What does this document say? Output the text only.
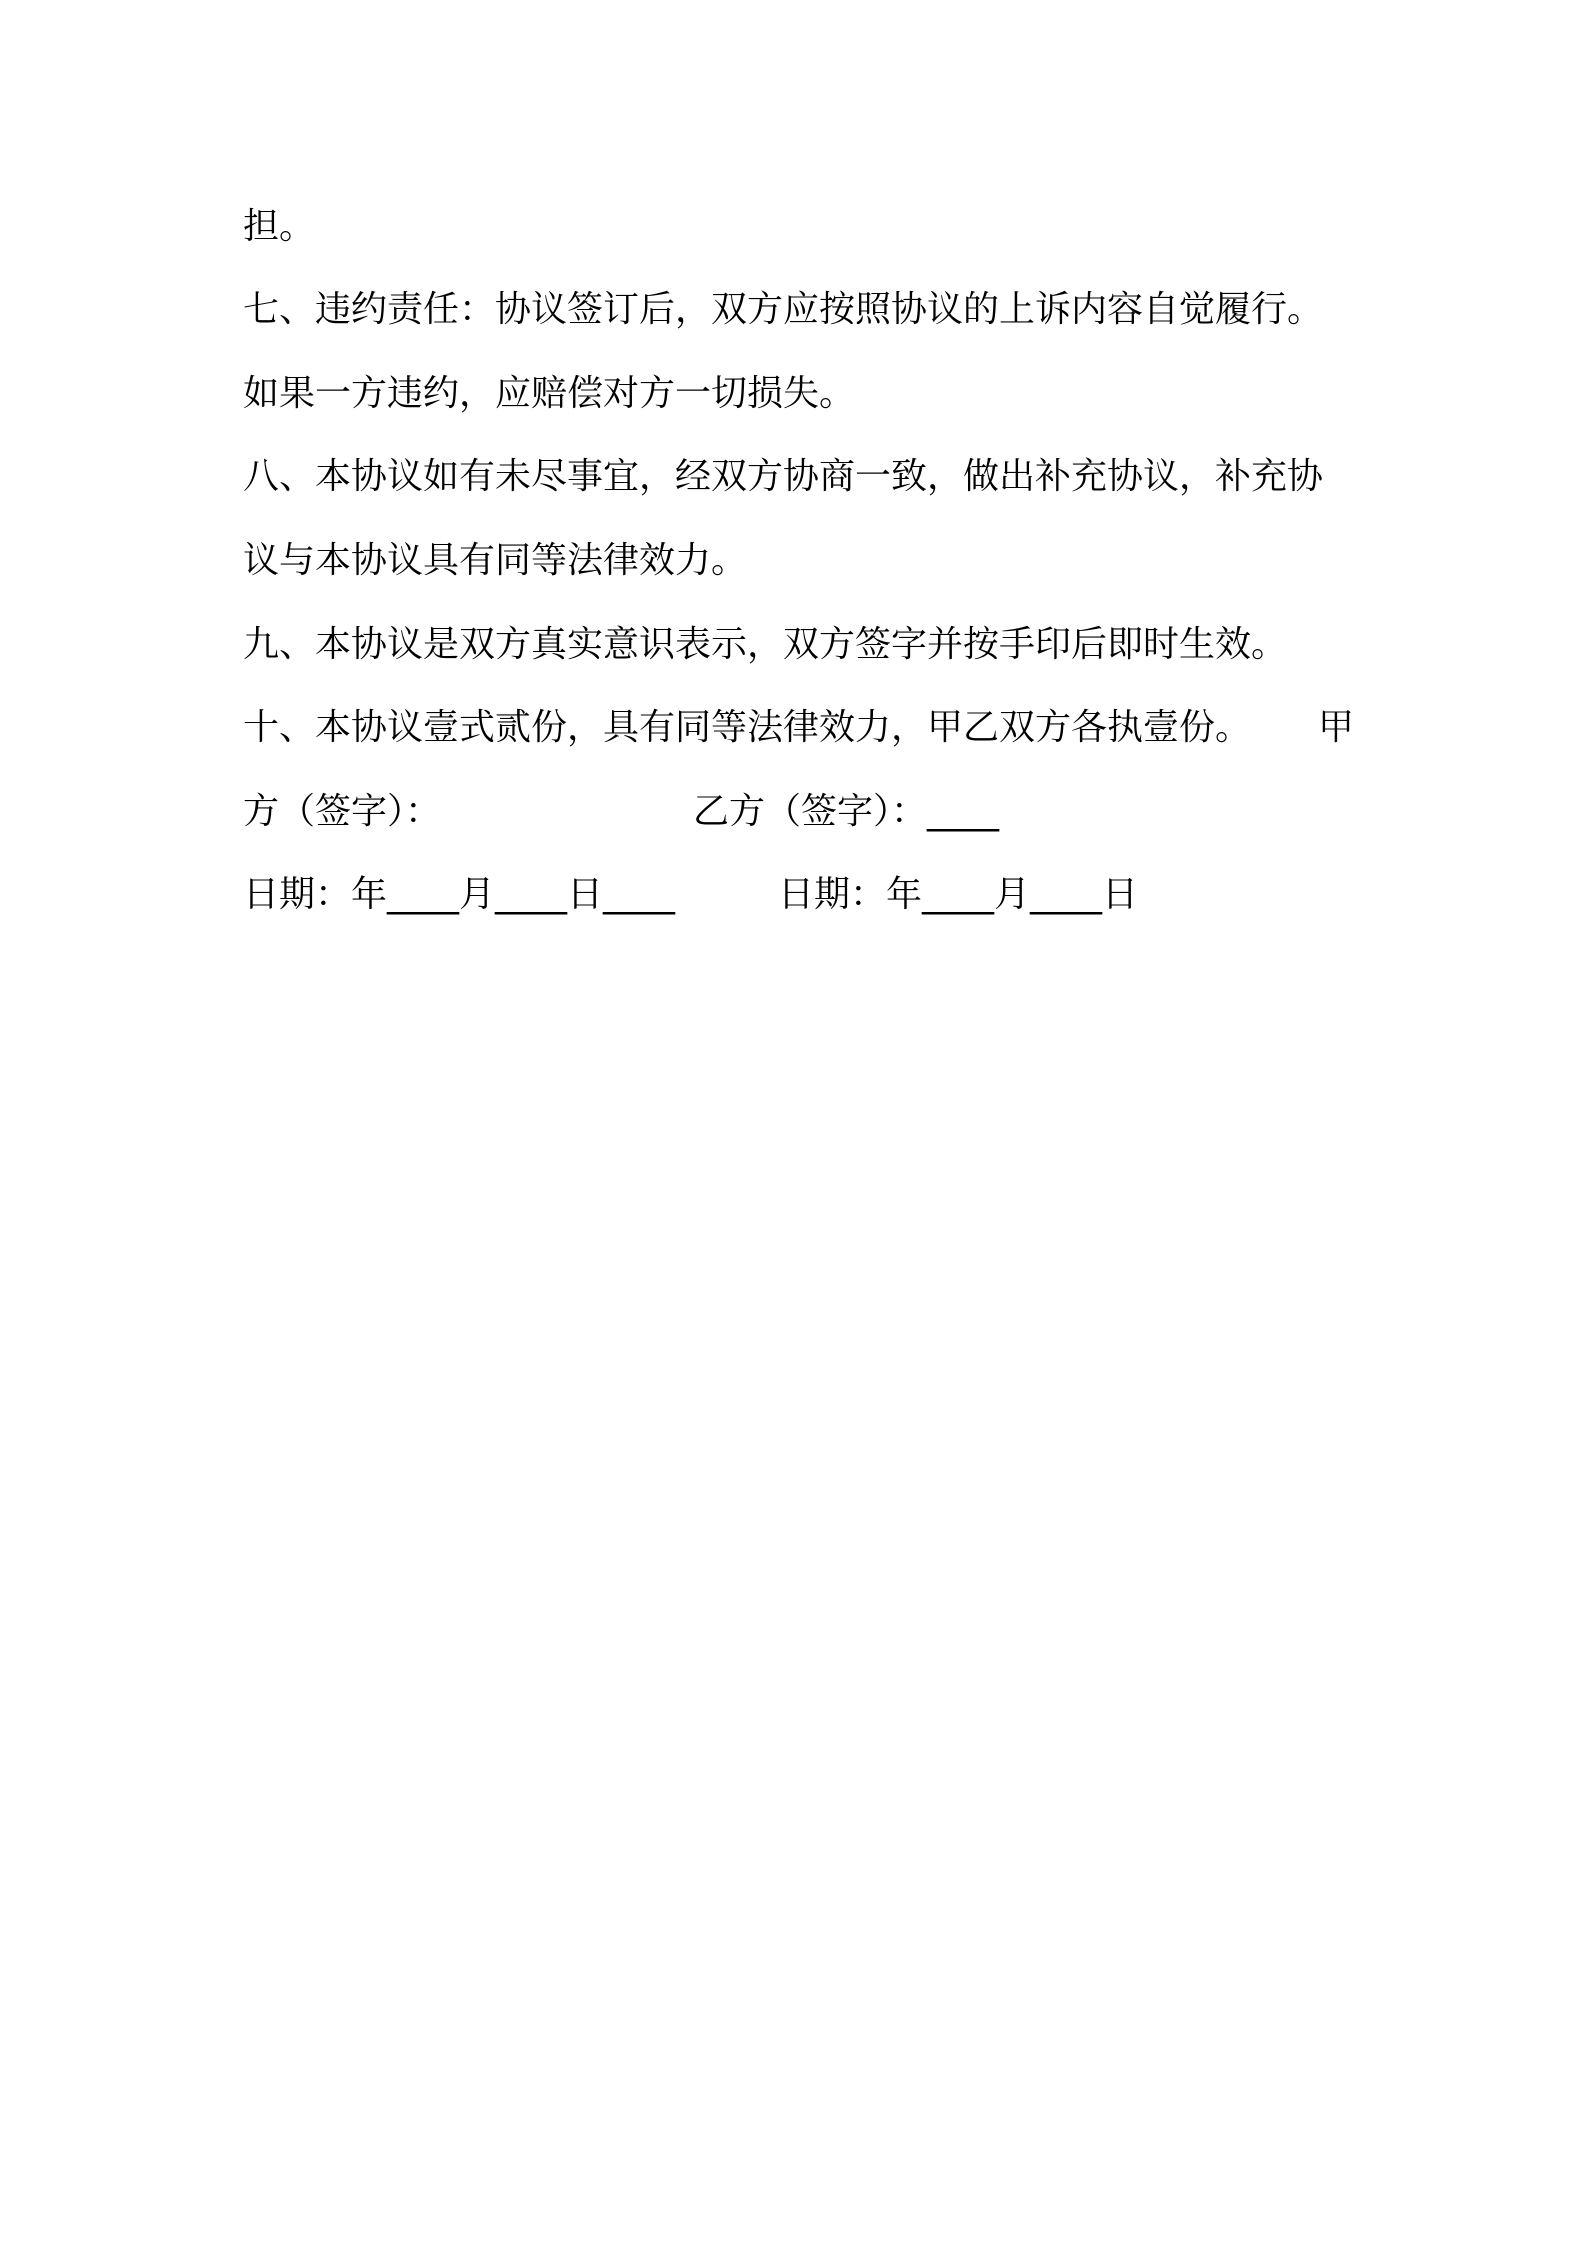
担。
七、违约责任：协议签订后，双方应按照协议的上诉内容自觉履行。
如果一方违约，应赔偿对方一切损失。
八、本协议如有未尽事宜，经双方协商一致，做出补充协议，补充协
议与本协议具有同等法律效力。
九、本协议是双方真实意识表示，双方签字并按手印后即时生效。
十、本协议壹式贰份，具有同等法律效力，甲乙双方各执壹份。 甲
方（签字）：	乙方（签字）：____
日期：年____月____日____	日期：年____月____日
